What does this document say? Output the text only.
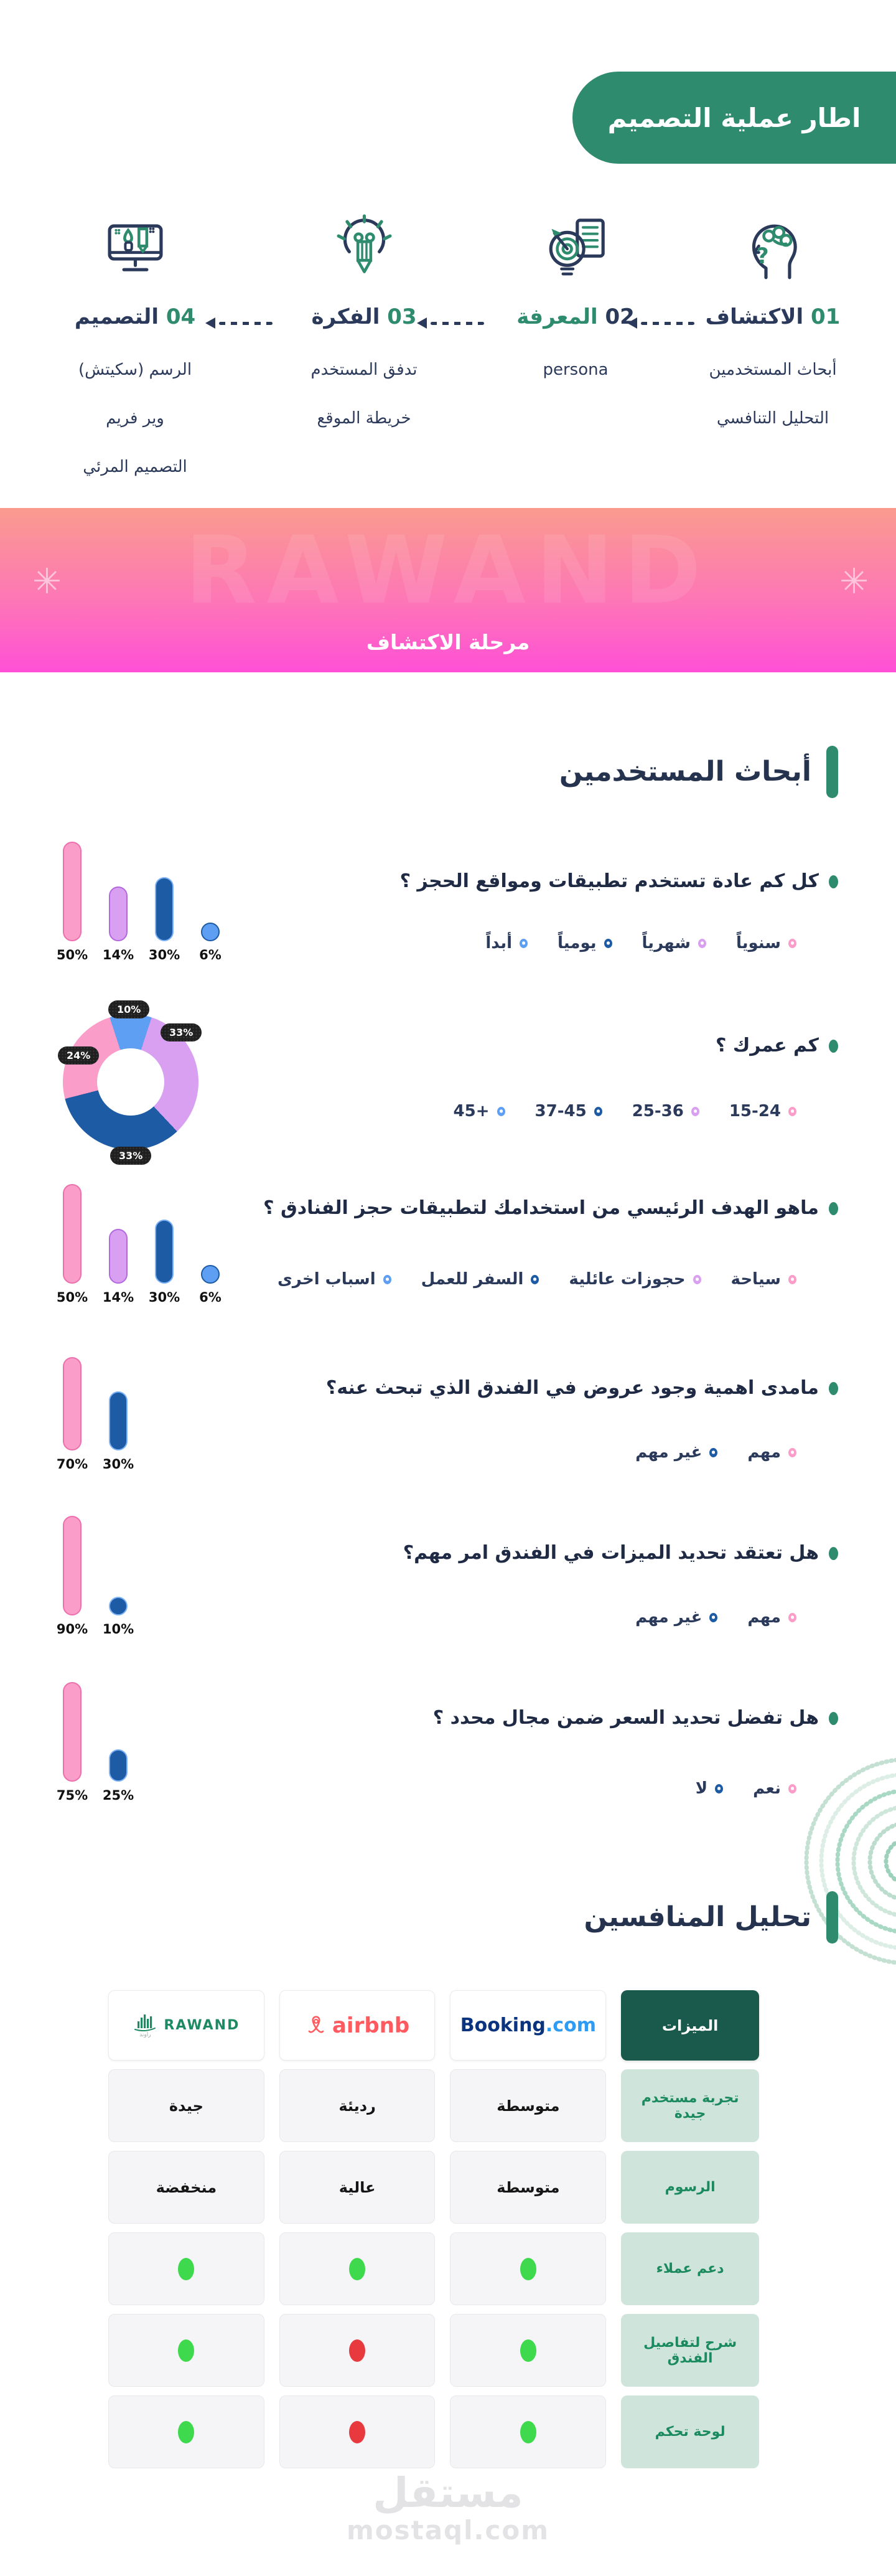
اطار عملية التصميم
?
01 الاكتشاف
أبحاث المستخدمين
التحليل التنافسي
02 المعرفة
persona
03 الفكرة
تدفق المستخدم
خريطة الموقع
04 التصميم
الرسم (سكيتش)
وير فريم
التصميم المرئي
RAWAND
✳	✳
مرحلة الاكتشاف
أبحاث المستخدمين
كل كم عادة تستخدم تطبيقات ومواقع الحجز ؟
سنوياً
شهرياً
يومياً
أبداً
50% 14% 30% 6%
كم عمرك ؟
15-24
25-36
37-45
+45
10%
33%
33%
24%
ماهو الهدف الرئيسي من استخدامك لتطبيقات حجز الفنادق ؟
سياحة
حجوزات عائلية
السفر للعمل
اسباب اخرى
50% 14% 30% 6%
مامدى اهمية وجود عروض في الفندق الذي تبحث عنه؟
مهم
غير مهم
70% 30%
هل تعتقد تحديد الميزات في الفندق امر مهم؟
مهم
غير مهم
90% 10%
هل تفضل تحديد السعر ضمن مجال محدد ؟
نعم
لا
75% 25%
تحليل المنافسين
الميزات
Booking.com
airbnb
راوند
RAWAND
تجربة مستخدم جيدة
متوسطة
رديئة
جيدة
الرسوم
متوسطة
عالية
منخفضة
دعم عملاء
شرح لتفاصيل الفندق
لوحة تحكم
مستقل
mostaql.com
